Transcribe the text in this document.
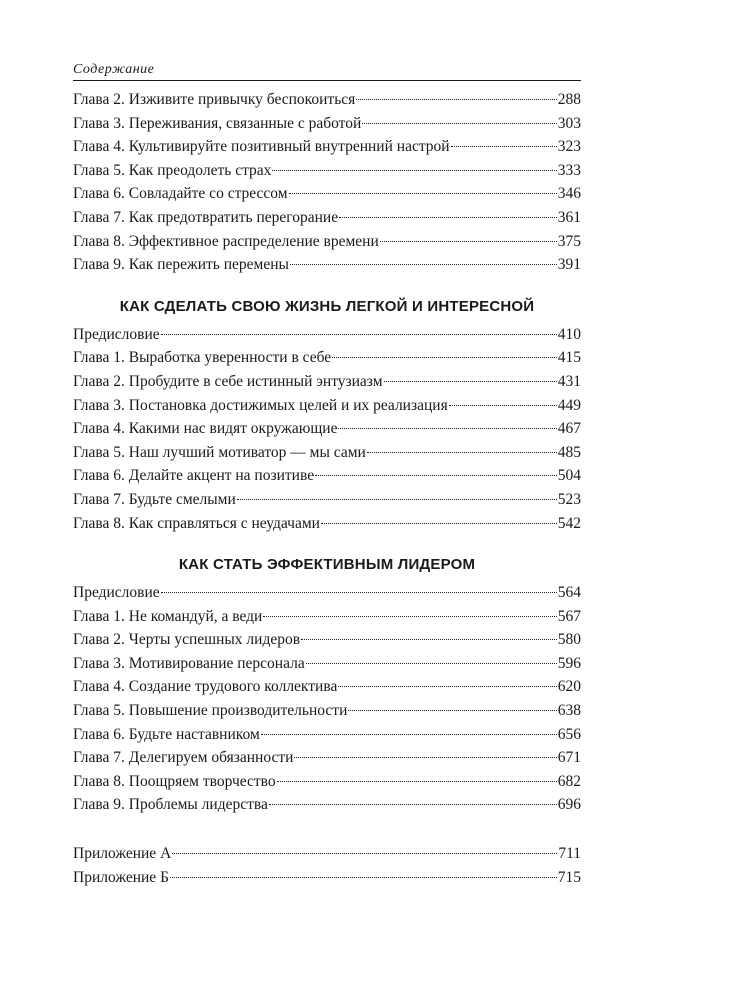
Содержание
Глава 2. Изживите привычку беспокоиться	288
Глава 3. Переживания, связанные с работой	303
Глава 4. Культивируйте позитивный внутренний настрой	323
Глава 5. Как преодолеть страх	333
Глава 6. Совладайте со стрессом	346
Глава 7. Как предотвратить перегорание	361
Глава 8. Эффективное распределение времени	375
Глава 9. Как пережить перемены	391
КАК СДЕЛАТЬ СВОЮ ЖИЗНЬ ЛЕГКОЙ И ИНТЕРЕСНОЙ
Предисловие	410
Глава 1. Выработка уверенности в себе	415
Глава 2. Пробудите в себе истинный энтузиазм	431
Глава 3. Постановка достижимых целей и их реализация	449
Глава 4. Какими нас видят окружающие	467
Глава 5. Наш лучший мотиватор — мы сами	485
Глава 6. Делайте акцент на позитиве	504
Глава 7. Будьте смелыми	523
Глава 8. Как справляться с неудачами	542
КАК СТАТЬ ЭФФЕКТИВНЫМ ЛИДЕРОМ
Предисловие	564
Глава 1. Не командуй, а веди	567
Глава 2. Черты успешных лидеров	580
Глава 3. Мотивирование персонала	596
Глава 4. Создание трудового коллектива	620
Глава 5. Повышение производительности	638
Глава 6. Будьте наставником	656
Глава 7. Делегируем обязанности	671
Глава 8. Поощряем творчество	682
Глава 9. Проблемы лидерства	696
Приложение А	711
Приложение Б	715
